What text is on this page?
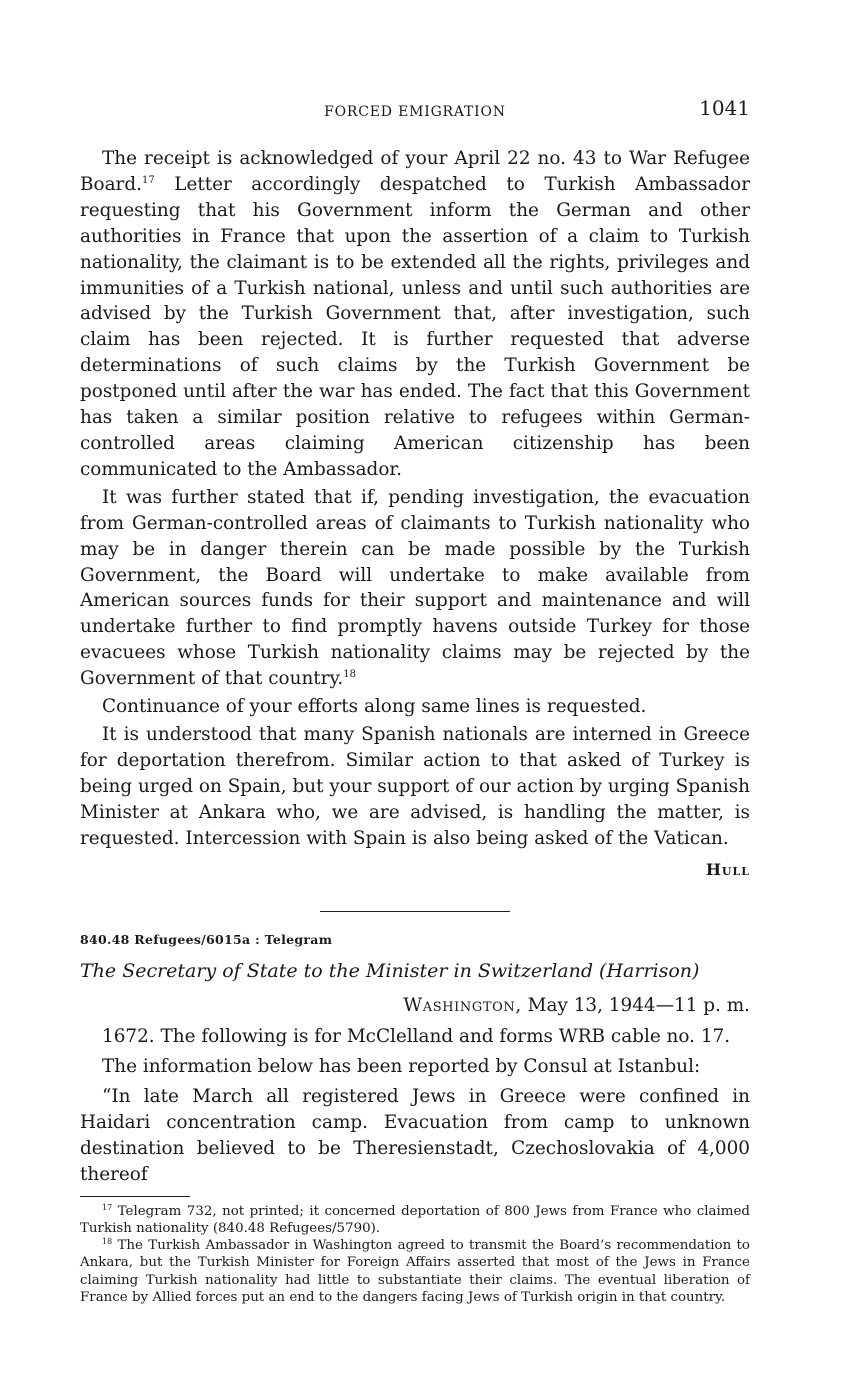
FORCED EMIGRATION	1041

The receipt is acknowledged of your April 22 no. 43 to War Refugee Board.$^{17}$ Letter accordingly despatched to Turkish Ambassador requesting that his Government inform the German and other authorities in France that upon the assertion of a claim to Turkish nationality, the claimant is to be extended all the rights, privileges and immunities of a Turkish national, unless and until such authorities are advised by the Turkish Government that, after investigation, such claim has been rejected. It is further requested that adverse determinations of such claims by the Turkish Government be postponed until after the war has ended. The fact that this Government has taken a similar position relative to refugees within German-controlled areas claiming American citizenship has been communicated to the Ambassador.

It was further stated that if, pending investigation, the evacuation from German-controlled areas of claimants to Turkish nationality who may be in danger therein can be made possible by the Turkish Government, the Board will undertake to make available from American sources funds for their support and maintenance and will undertake further to find promptly havens outside Turkey for those evacuees whose Turkish nationality claims may be rejected by the Government of that country.$^{18}$

Continuance of your efforts along same lines is requested.

It is understood that many Spanish nationals are interned in Greece for deportation therefrom. Similar action to that asked of Turkey is being urged on Spain, but your support of our action by urging Spanish Minister at Ankara who, we are advised, is handling the matter, is requested. Intercession with Spain is also being asked of the Vatican.

Hull
840.48 Refugees/6015a : Telegram
The Secretary of State to the Minister in Switzerland (Harrison)
Washington, May 13, 1944—11 p. m.

1672. The following is for McClelland and forms WRB cable no. 17.

The information below has been reported by Consul at Istanbul:

“In late March all registered Jews in Greece were confined in Haidari concentration camp. Evacuation from camp to unknown destination believed to be Theresienstadt, Czechoslovakia of 4,000 thereof

$^{17}$ Telegram 732, not printed; it concerned deportation of 800 Jews from France who claimed Turkish nationality (840.48 Refugees/5790).

$^{18}$ The Turkish Ambassador in Washington agreed to transmit the Board’s recommendation to Ankara, but the Turkish Minister for Foreign Affairs asserted that most of the Jews in France claiming Turkish nationality had little to substantiate their claims. The eventual liberation of France by Allied forces put an end to the dangers facing Jews of Turkish origin in that country.
